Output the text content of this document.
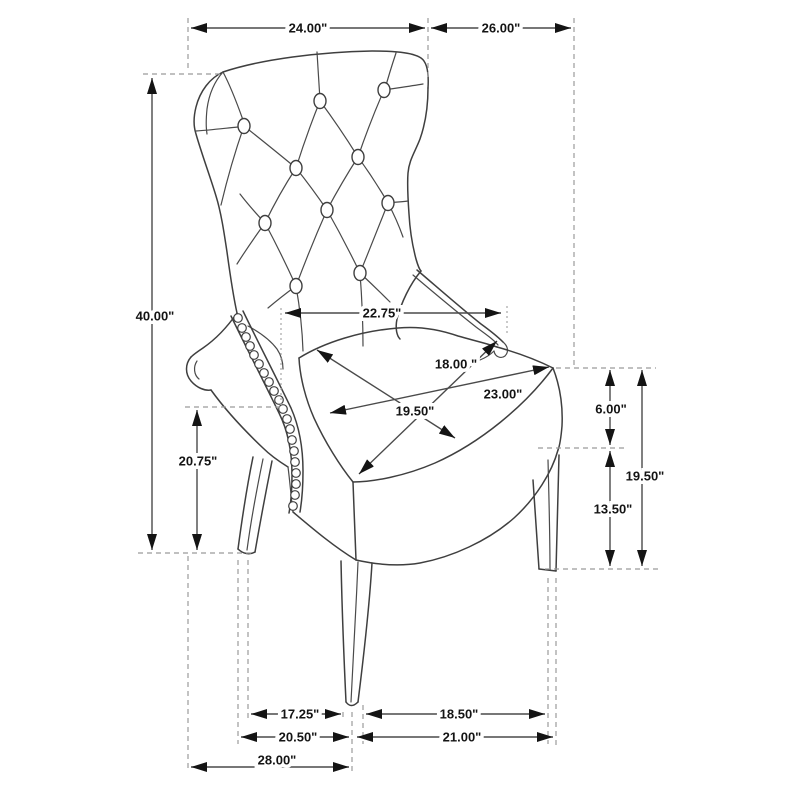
24.00"	26.00"
40.00"
20.75"
22.75"
18.00 "
23.00"
19.50"	6.00"
13.50"
19.50"
17.25"	18.50"
20.50"	21.00"
28.00"
